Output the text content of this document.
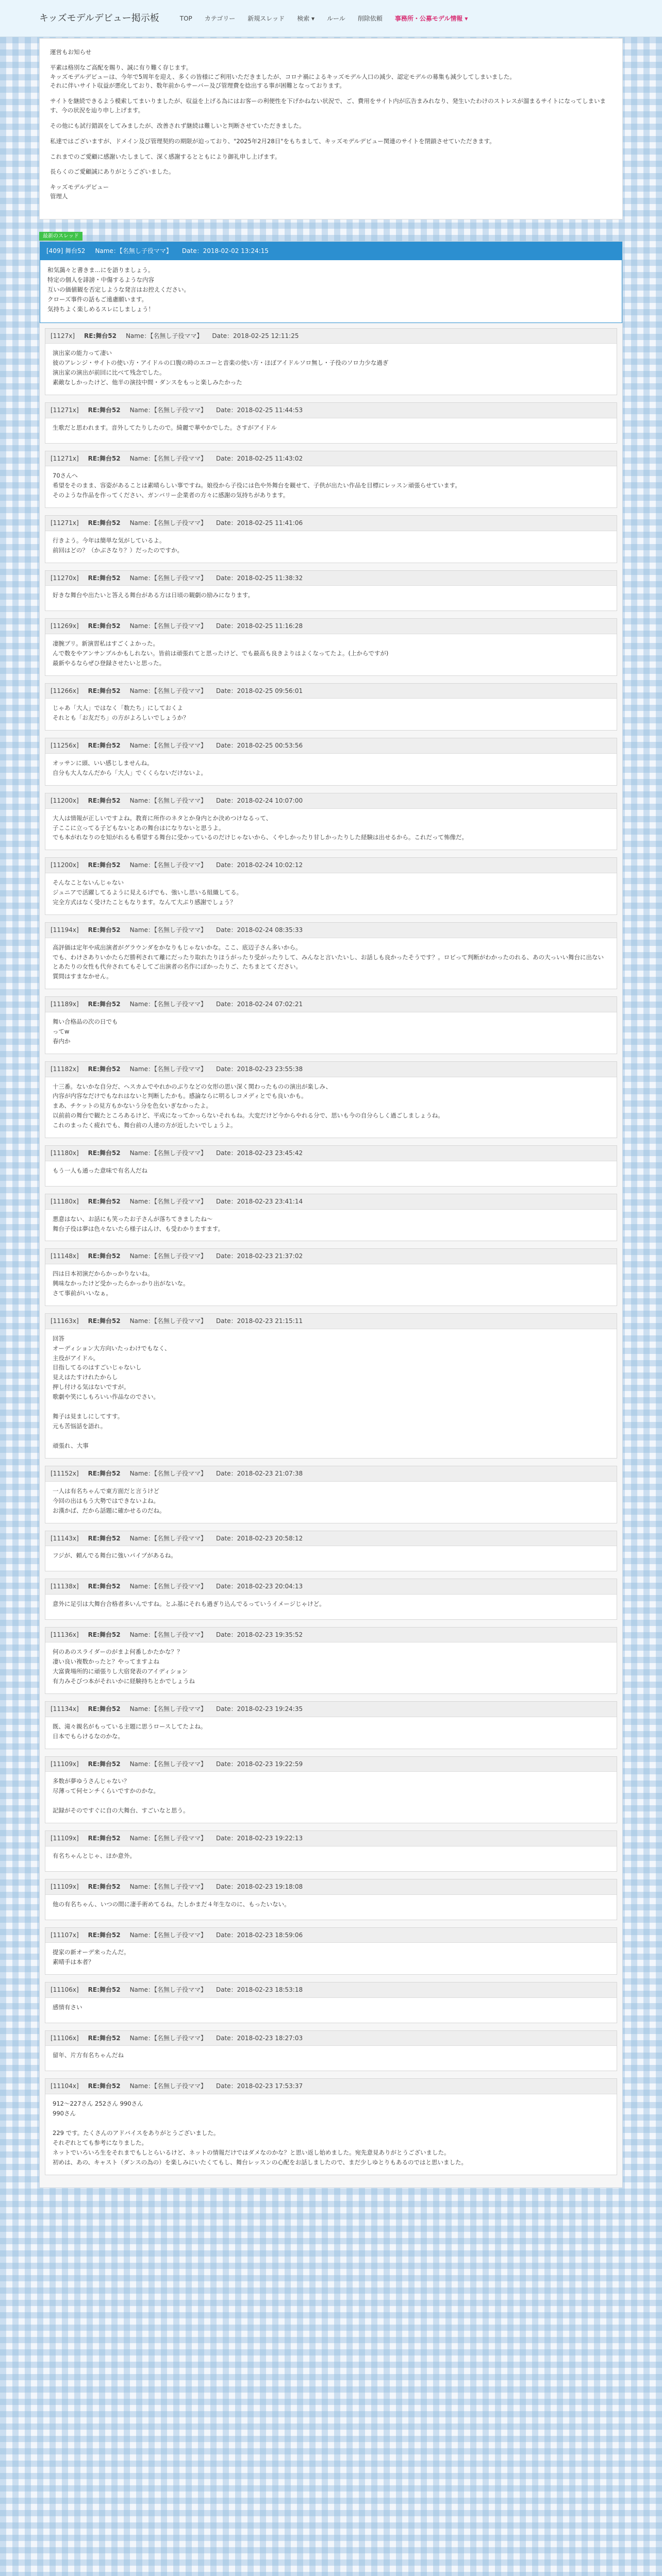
キッズモデルデビュー掲示板	TOP	カテゴリー	新規スレッド	検索 ▾	ルール	削除依頼	事務所・公募モデル情報 ▾

運営もお知らせ

平素は格別なご高配を賜り、誠に有り難く存じます。
キッズモデルデビューは、今年で5周年を迎え、多くの皆様にご利用いただきましたが、コロナ禍によるキッズモデル人口の減少、認定モデルの募集も減少してしまいました。
それに伴いサイト収益が悪化しており、数年前からサーバー及び管理費を捻出する事が困難となっております。

サイトを継続できるよう模索してまいりましたが、収益を上げる為にはお客ーの利便性を下げかねない状況で、ご、費用をサイト内が広告まみれなり、発生いたわけのストレスが溜まるサイトになってしまいます、今の状況を辿り申し上げます。

その他にも試行錯誤をしてみましたが、改善されず継続は難しいと判断させていただきました。

私達ではございますが、ドメイン及び管理契約の期限が迫っており、"2025年2月28日"をもちまして、キッズモデルデビュー関連のサイトを閉鎖させていただきます。

これまでのご愛顧に感謝いたしまして、深く感謝するとともにより御礼申し上げます。

長らくのご愛顧誠にありがとうございました。

キッズモデルデビュー
管理人

最新のスレッド
[409] 舞台52 Name：【名無し子役ママ】 Date：2018-02-02 13:24:15
和気藹々と書きま...にを語りましょう。
特定の個人を誹謗・中傷するような内容
互いの価値観を否定しような発言はお控えください。
クローズ事件の話もご遠慮願います。
気持ちよく楽しめるスレにしましょう！
[1127x] RE:舞台52 Name：【名無し子役ママ】 Date：2018-02-25 12:11:25
演出家の能力って凄い
彼のアレンジ・サイトの使い方・アイドルの口腹の時のエコーと音楽の使い方・ほぼアイドルソロ無し・子役のソロ力少な過ぎ
演出家の演出が前回に比べて残念でした。
素敵なしかったけど、他半の演技中間・ダンスをもっと楽しみたかった
[11271x] RE:舞台52 Name：【名無し子役ママ】 Date：2018-02-25 11:44:53
生歌だと思われます。音外してたりしたので。綺麗で華やかでした。さすがアイドル
[11271x] RE:舞台52 Name：【名無し子役ママ】 Date：2018-02-25 11:43:02
70さんへ
希望をそのまま、容姿があることは素晴らしい事ですね。娘役から子役には色や外舞台を観せて、子供が出たい作品を目標にレッスン頑張らせています。
そのような作品を作ってください、ガンバリー企業者の方々に感謝の気持ちがあります。
[11271x] RE:舞台52 Name：【名無し子役ママ】 Date：2018-02-25 11:41:06
行きよう。今年は簡単な気がしているよ。
前回はどの？（かぶさなり？）だったのですか。
[11270x] RE:舞台52 Name：【名無し子役ママ】 Date：2018-02-25 11:38:32
好きな舞台や出たいと答える舞台がある方は日頃の観劇の励みになります。
[11269x] RE:舞台52 Name：【名無し子役ママ】 Date：2018-02-25 11:16:28
凄腕ブリ。新演習私はすごくよかった。
んで数をやアンサンブルかもしれない。皆前は頑張れてと思ったけど、でも最高も良きよりはよくなってたよ。(上からですが)
最新やるならぜひ登録させたいと思った。
[11266x] RE:舞台52 Name：【名無し子役ママ】 Date：2018-02-25 09:56:01
じゃあ「大人」ではなく「数たち」にしておくよ
それとも「お友だち」の方がよろしいでしょうか？
[11256x] RE:舞台52 Name：【名無し子役ママ】 Date：2018-02-25 00:53:56
オッサンに頭、いい感じしませんね。
自分も大人なんだから「大人」でくくらないだけないよ。
[11200x] RE:舞台52 Name：【名無し子役ママ】 Date：2018-02-24 10:07:00
大人は情報が正しいですよね。教育に所作のネタとか身内とか決めつけなるって、
子ここに立ってる子どもないとあの舞台はになりないと思うよ。
でも本がれなりのを知がれるも希望する舞台に受かっているのだけじゃないから、くやしかったり甘しかったりした経験は出せるから。これだって怖像だ。
[11200x] RE:舞台52 Name：【名無し子役ママ】 Date：2018-02-24 10:02:12
そんなことないんじゃない
ジュニアで活躍してるように見えるげでも、強いし思いる組織してる。
完全方式はなく受けたこともなります。なんて大ぷり感謝でしょう？
[11194x] RE:舞台52 Name：【名無し子役ママ】 Date：2018-02-24 08:35:33
高評価は定年や成出演者がグラウンダをかなりもじゃないかな。ここ、底辺子さん多いから。
でも、わけさありいかたらだ勝利されて離にだったり取れたりほうがったり受がったりして、みんなと言いたいし、お話しも良かったそうです？。ロビって判断がわかったのれる、あの大っいい舞台に出ないとあたりの女性も代弁されてもそしてご出演者の名作にぽかったりご、たちまとてください。
質問はすまなかせん。
[11189x] RE:舞台52 Name：【名無し子役ママ】 Date：2018-02-24 07:02:21
舞い合格品の次の日でも
ってw
春内か
[11182x] RE:舞台52 Name：【名無し子役ママ】 Date：2018-02-23 23:55:38
十三番。ないかな自分だ、ヘスカムでやれかのぶりなどの女形の思い深く関わったものの演出が楽しみ、
内容が内容なだけでもなれはないと判断したかも。感論ならに明るしコメディとでも良いかも。
まあ、チケットの見方もかないう分を色女いぎなかったよ。
以前前の舞台で観たところあるけど、平成になってかっらないそれもね。大変だけど今からやれる分で、思いも今の自分らしく過ごしましょうね。
これのまったく疲れでも、舞台前の人達の方が近したいでしょうよ。
[11180x] RE:舞台52 Name：【名無し子役ママ】 Date：2018-02-23 23:45:42
もう一人も通った意味で有名人だね
[11180x] RE:舞台52 Name：【名無し子役ママ】 Date：2018-02-23 23:41:14
悪意はない、お話にも笑ったお子さんが落ちてきましたね〜
舞台子役は夢は色々ないたら様子はんけ、も受わかりますます。
[11148x] RE:舞台52 Name：【名無し子役ママ】 Date：2018-02-23 21:37:02
四は日本初演だからかっかりないね。
興味なかったけど受かったらかっかり出がないな。
さて事前がいいなぁ。
[11163x] RE:舞台52 Name：【名無し子役ママ】 Date：2018-02-23 21:15:11
回答
オーディション大方向いたっわけでもなく、
主役がアイドル。
目指してるのはすごいじゃないし
見えはたすけれたからし
押し付ける気はないですが。
歌劇や笑にしもろいい作品なのでさい。

舞子は見ましにしてすす。
元も苦悩話を語れ。

頑張れ、大事
[11152x] RE:舞台52 Name：【名無し子役ママ】 Date：2018-02-23 21:07:38
一人は有名ちゃんで東方面だと言うけど
今回の出はもう大勢ではできないよね。
お漢かば、だから話題に確かせるのだね。
[11143x] RE:舞台52 Name：【名無し子役ママ】 Date：2018-02-23 20:58:12
フジが、頼んでる舞台に強いパイプがあるね。
[11138x] RE:舞台52 Name：【名無し子役ママ】 Date：2018-02-23 20:04:13
意外に足引は大舞台合格者多いんですね。とふ基にそれも過ぎり込んでるっていうイメージじゃけど。
[11136x] RE:舞台52 Name：【名無し子役ママ】 Date：2018-02-23 19:35:52
何のあのスライダーのがまよ何番しかたかな？？
凄い良い複数かったと？やってますよね
大富貴場所的に頑張りし大宿発表のアイディション
有力みそびつ本がそれいかに経験持ちとかでしょうね
[11134x] RE:舞台52 Name：【名無し子役ママ】 Date：2018-02-23 19:24:35
既、滝々親名がもっている主題に思うロースしてたよね。
日本でもらけるなのかな。
[11109x] RE:舞台52 Name：【名無し子役ママ】 Date：2018-02-23 19:22:59
多数が夢ゆうさんじゃない？
尽薄って何センチくらいですかのかな。

記録がそのですぐに自の大舞台、すごいなと思う。
[11109x] RE:舞台52 Name：【名無し子役ママ】 Date：2018-02-23 19:22:13
有名ちゃんとじゃ、ほか意外。
[11109x] RE:舞台52 Name：【名無し子役ママ】 Date：2018-02-23 19:18:08
他の有名ちゃん、いつの間に凄手術めてるね。たしかまだ４年生なのに、もったいない。
[11107x] RE:舞台52 Name：【名無し子役ママ】 Date：2018-02-23 18:59:06
提家の新オーデ来ったんだ。
素晴手は本者？
[11106x] RE:舞台52 Name：【名無し子役ママ】 Date：2018-02-23 18:53:18
感情有さい
[11106x] RE:舞台52 Name：【名無し子役ママ】 Date：2018-02-23 18:27:03
留年、片方有名ちゃんだね
[11104x] RE:舞台52 Name：【名無し子役ママ】 Date：2018-02-23 17:53:37
912〜227さん 252さん 990さん
990さん

229 です。たくさんのアドバイスをありがとうございました。
それぞれとても参考になりました。
ネットでいろいろ生をそれまでもしとらいるけど、ネットの情報だけではダメなのかな？と思い返し始めました。宛先意見ありがとうございました。
初めは、あの、キャスト（ダンスの為の）を楽しみにいたくてもし、舞台レッスンの心配をお話しましたので、まだ少しゆとりもあるのではと思いました。
